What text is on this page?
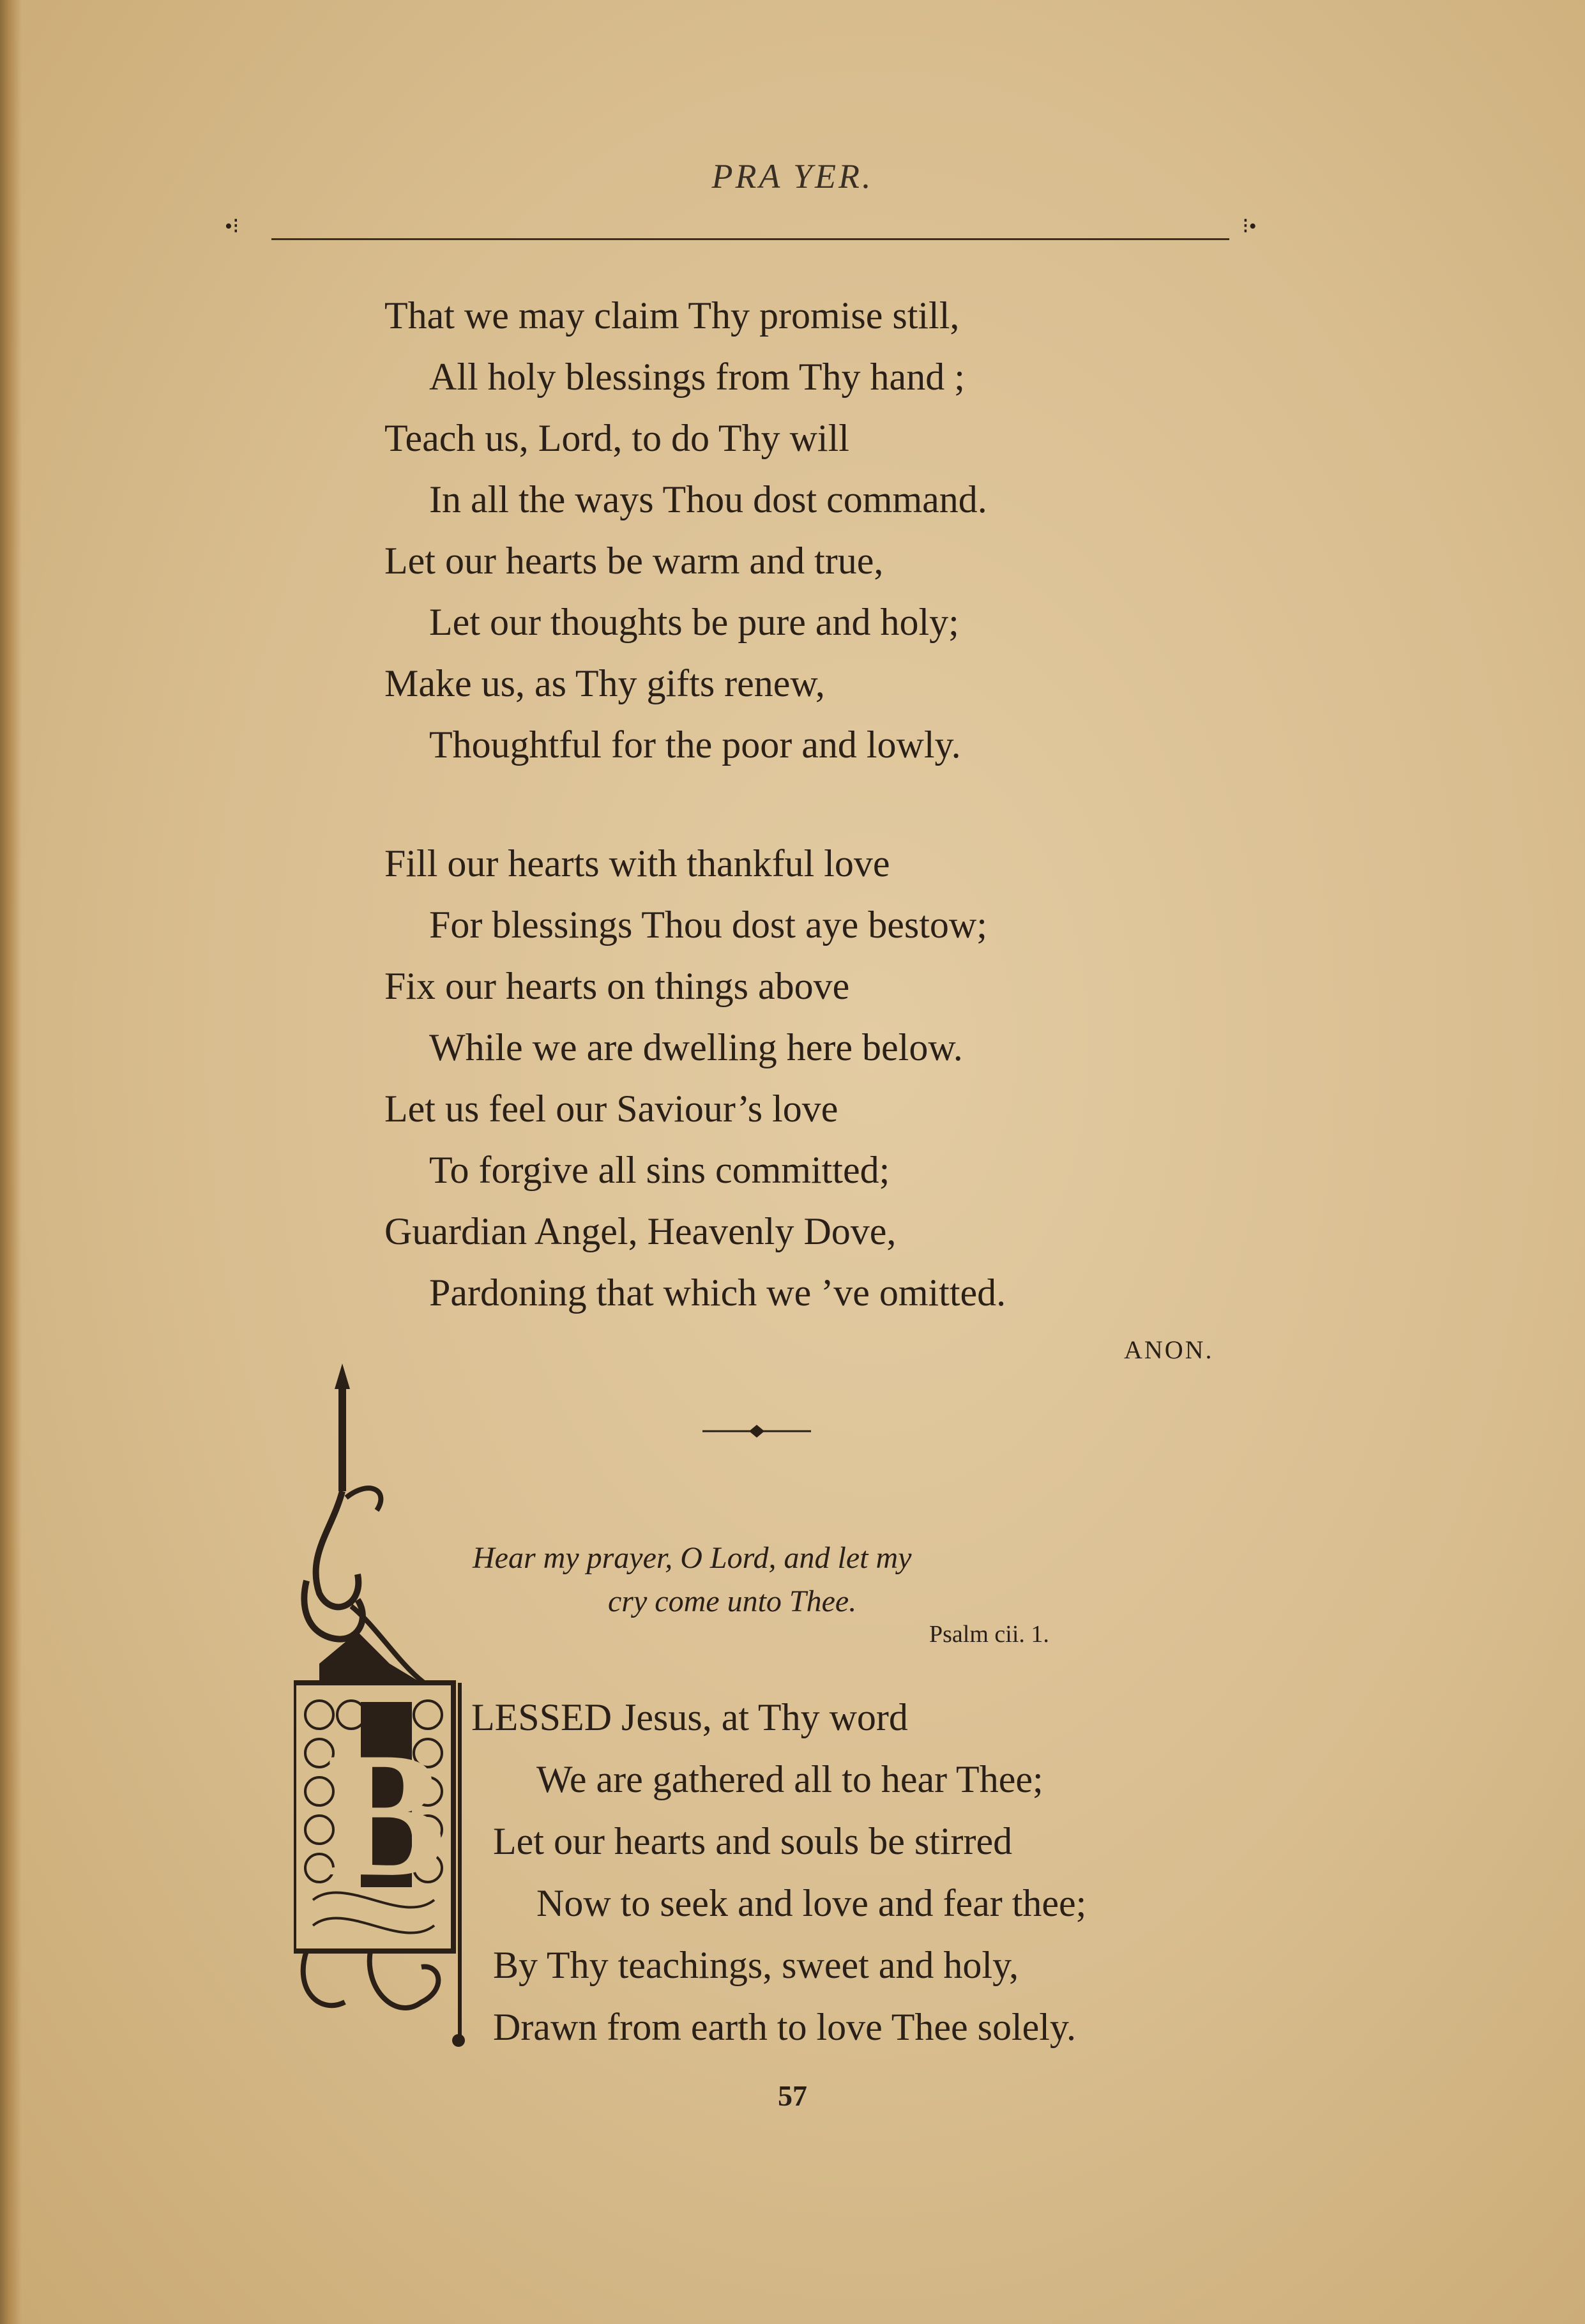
PRA YER.
•⁝	⁝•
That we may claim Thy promise still,
All holy blessings from Thy hand ;
Teach us, Lord, to do Thy will
In all the ways Thou dost command.
Let our hearts be warm and true,
Let our thoughts be pure and holy;
Make us, as Thy gifts renew,
Thoughtful for the poor and lowly.
Fill our hearts with thankful love
For blessings Thou dost aye bestow;
Fix our hearts on things above
While we are dwelling here below.
Let us feel our Saviour’s love
To forgive all sins committed;
Guardian Angel, Heavenly Dove,
Pardoning that which we ’ve omitted.
ANON.
B
Hear my prayer, O Lord, and let my
cry come unto Thee.
Psalm cii. 1.
LESSED Jesus, at Thy word
We are gathered all to hear Thee;
Let our hearts and souls be stirred
Now to seek and love and fear thee;
By Thy teachings, sweet and holy,
Drawn from earth to love Thee solely.
57
